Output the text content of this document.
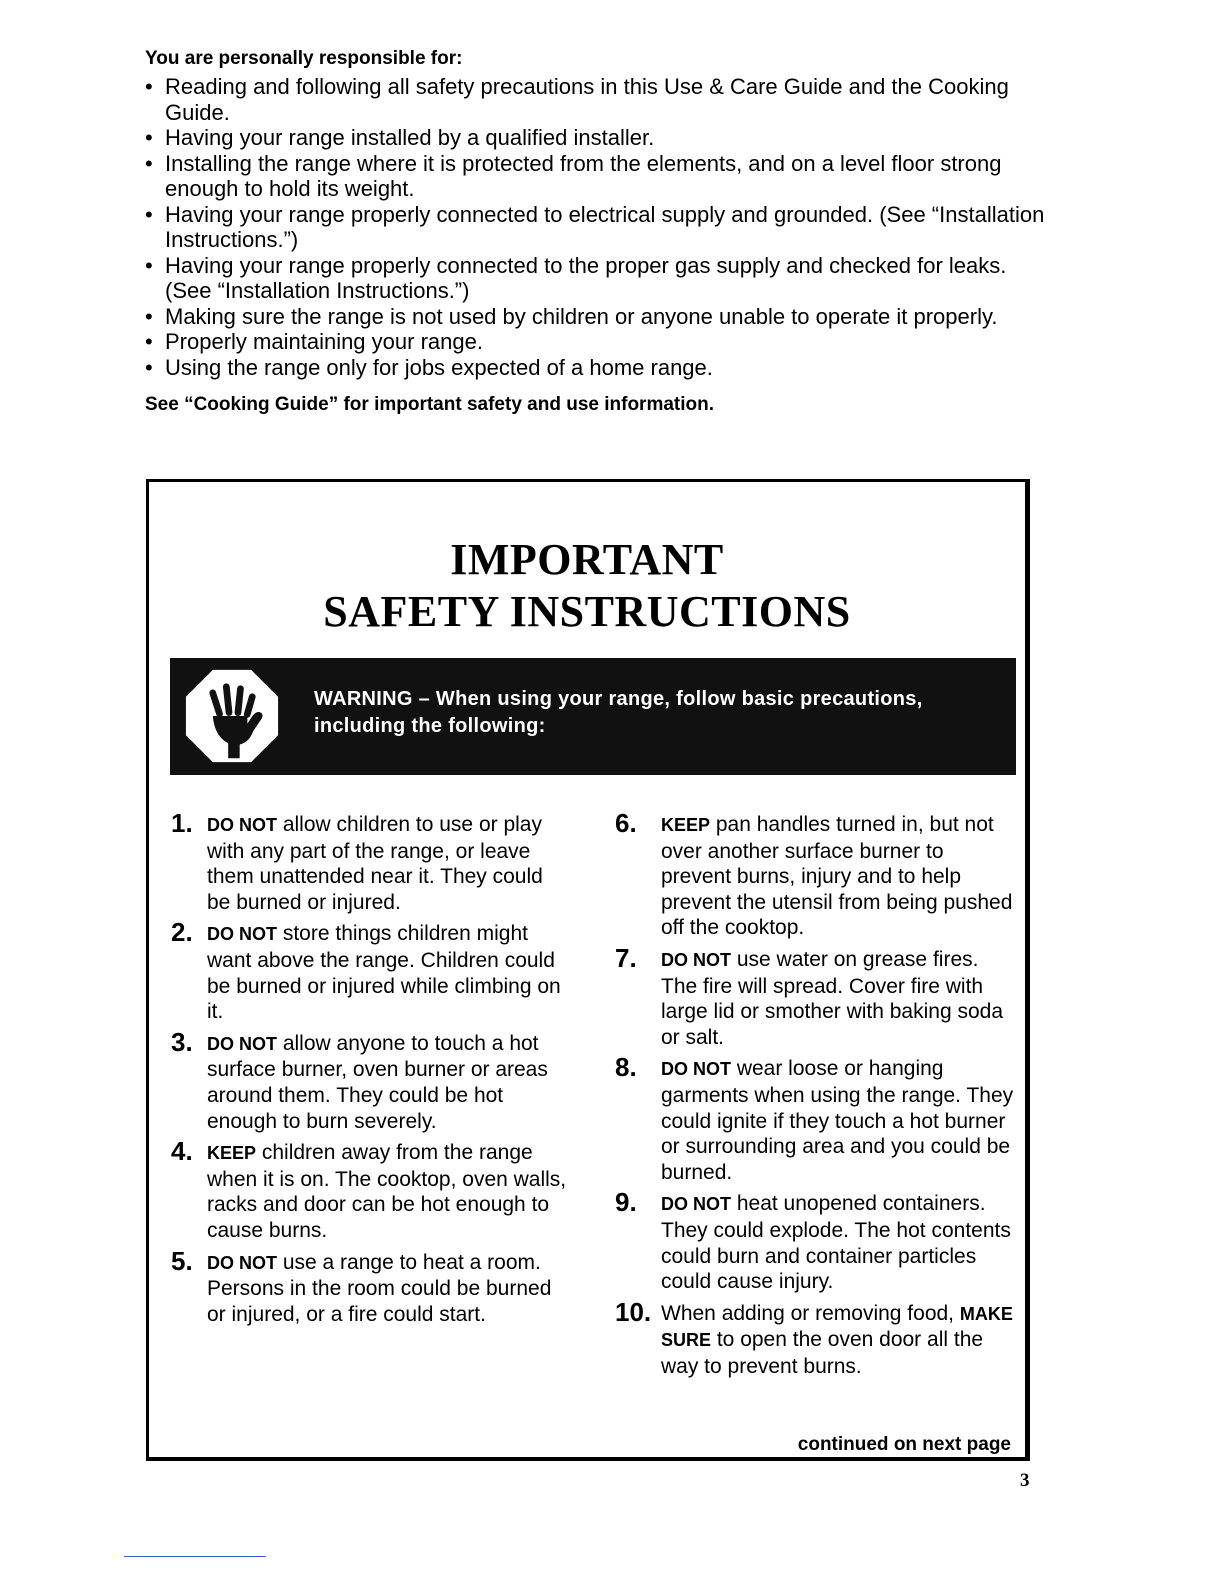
You are personally responsible for:
• Reading and following all safety precautions in this Use & Care Guide and the Cooking Guide.
• Having your range installed by a qualified installer.
• Installing the range where it is protected from the elements, and on a level floor strong enough to hold its weight.
• Having your range properly connected to electrical supply and grounded. (See “Installation Instructions.”)
• Having your range properly connected to the proper gas supply and checked for leaks. (See “Installation Instructions.”)
• Making sure the range is not used by children or anyone unable to operate it properly.
• Properly maintaining your range.
• Using the range only for jobs expected of a home range.
See “Cooking Guide” for important safety and use information.
IMPORTANT
SAFETY INSTRUCTIONS
WARNING – When using your range, follow basic precautions,
including the following:
1. DO NOT allow children to use or play with any part of the range, or leave them unattended near it. They could be burned or injured.
2. DO NOT store things children might want above the range. Children could be burned or injured while climbing on it.
3. DO NOT allow anyone to touch a hot surface burner, oven burner or areas around them. They could be hot enough to burn severely.
4. KEEP children away from the range when it is on. The cooktop, oven walls, racks and door can be hot enough to cause burns.
5. DO NOT use a range to heat a room. Persons in the room could be burned or injured, or a fire could start.
6. KEEP pan handles turned in, but not over another surface burner to prevent burns, injury and to help prevent the utensil from being pushed off the cooktop.
7. DO NOT use water on grease fires. The fire will spread. Cover fire with large lid or smother with baking soda or salt.
8. DO NOT wear loose or hanging garments when using the range. They could ignite if they touch a hot burner or surrounding area and you could be burned.
9. DO NOT heat unopened containers. They could explode. The hot contents could burn and container particles could cause injury.
10. When adding or removing food, MAKE SURE to open the oven door all the way to prevent burns.
continued on next page
3
